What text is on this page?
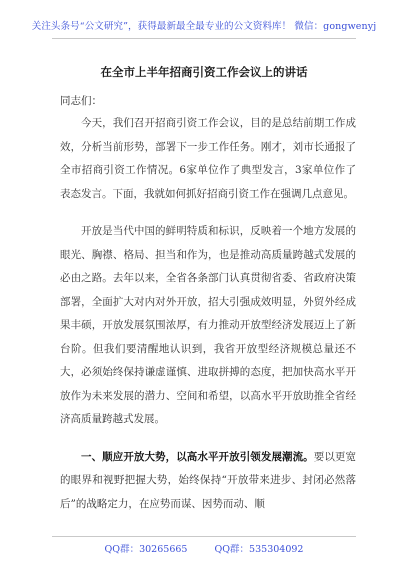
关注头条号“公文研究”，获得最新最全最专业的公文资料库！ 微信：gongwenyj
在全市上半年招商引资工作会议上的讲话
同志们：

今天，我们召开招商引资工作会议，目的是总结前期工作成效，分析当前形势，部署下一步工作任务。刚才，刘市长通报了全市招商引资工作情况。6家单位作了典型发言，3家单位作了表态发言。下面，我就如何抓好招商引资工作在强调几点意见。

开放是当代中国的鲜明特质和标识，反映着一个地方发展的眼光、胸襟、格局、担当和作为，也是推动高质量跨越式发展的必由之路。去年以来，全省各条部门认真贯彻省委、省政府决策部署，全面扩大对内对外开放，招大引强成效明显，外贸外经成果丰硕，开放发展氛围浓厚，有力推动开放型经济发展迈上了新台阶。但我们要清醒地认识到，我省开放型经济规模总量还不大，必须始终保持谦虚谨慎、进取拼搏的态度，把加快高水平开放作为未来发展的潜力、空间和希望，以高水平开放助推全省经济高质量跨越式发展。

一、顺应开放大势，以高水平开放引领发展潮流。要以更宽的眼界和视野把握大势，始终保持“开放带来进步、封闭必然落后”的战略定力，在应势而谋、因势而动、顺

QQ群：30265665	QQ群：535304092
